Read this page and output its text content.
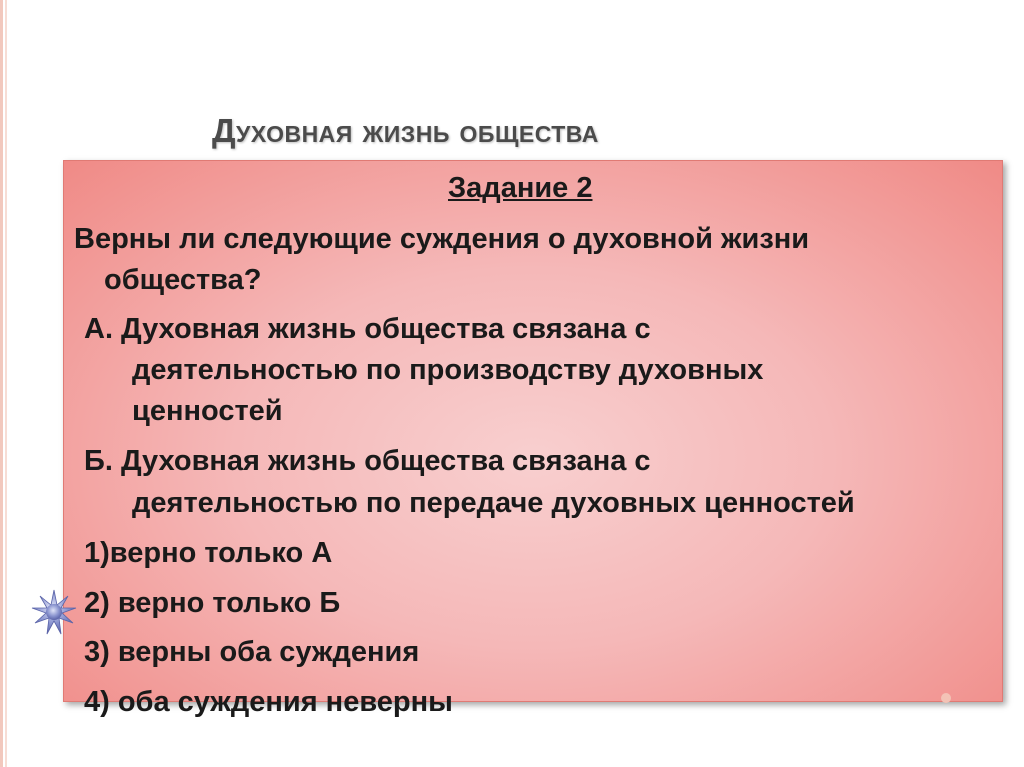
Духовная жизнь общества
Задание 2
Верны ли следующие суждения о духовной жизни
общества?
А. Духовная жизнь общества связана с
деятельностью по производству духовных
ценностей
Б. Духовная жизнь общества связана с
деятельностью по передаче духовных ценностей
1)верно только А
2) верно только Б
3) верны оба суждения
4) оба суждения неверны
